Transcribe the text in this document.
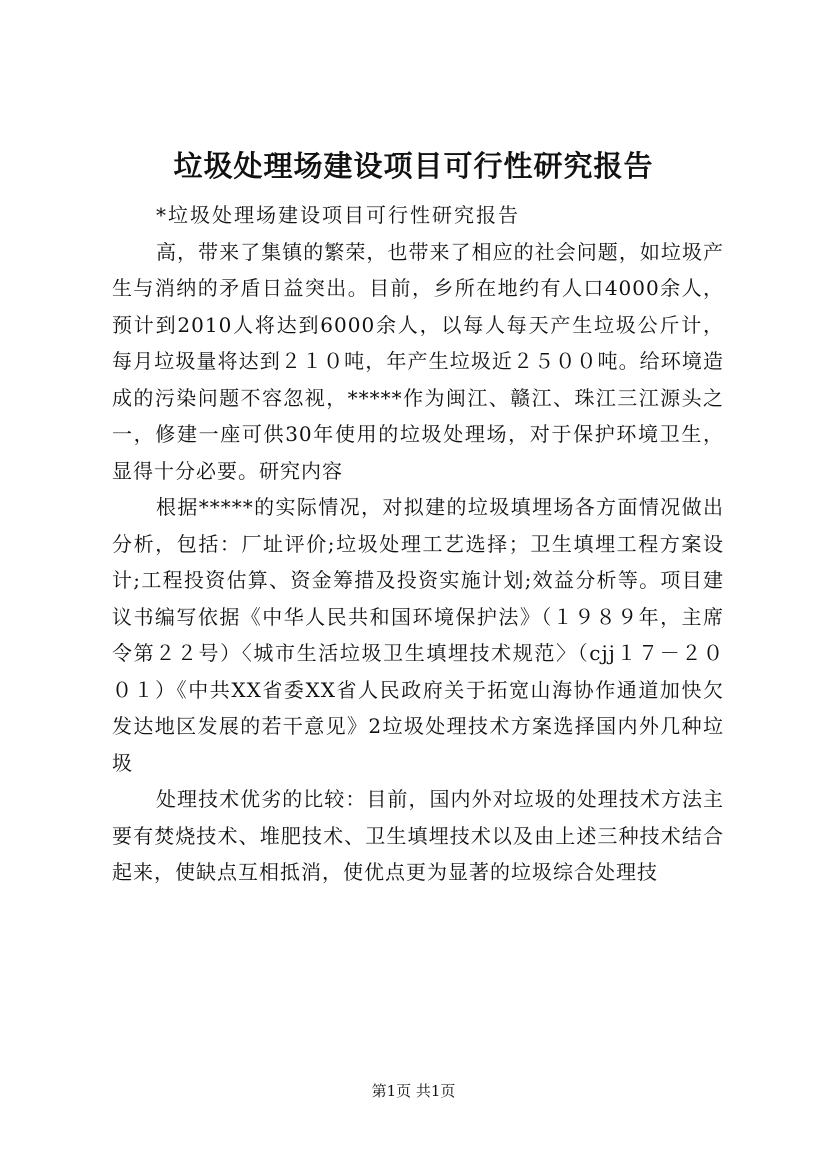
垃圾处理场建设项目可行性研究报告

*垃圾处理场建设项目可行性研究报告

高，带来了集镇的繁荣，也带来了相应的社会问题，如垃圾产生与消纳的矛盾日益突出。目前，乡所在地约有人口4000余人，预计到2010人将达到6000余人，以每人每天产生垃圾公斤计，每月垃圾量将达到２１０吨，年产生垃圾近２５００吨。给环境造成的污染问题不容忽视，*****作为闽江、赣江、珠江三江源头之一，修建一座可供30年使用的垃圾处理场，对于保护环境卫生，显得十分必要。研究内容

根据*****的实际情况，对拟建的垃圾填埋场各方面情况做出分析，包括：厂址评价;垃圾处理工艺选择；卫生填埋工程方案设计;工程投资估算、资金筹措及投资实施计划;效益分析等。项目建议书编写依据《中华人民共和国环境保护法》（１９８９年，主席令第２２号）〈城市生活垃圾卫生填埋技术规范〉（cjj１７－２００１）《中共XX省委XX省人民政府关于拓宽山海协作通道加快欠发达地区发展的若干意见》2垃圾处理技术方案选择国内外几种垃圾

处理技术优劣的比较：目前，国内外对垃圾的处理技术方法主要有焚烧技术、堆肥技术、卫生填埋技术以及由上述三种技术结合起来，使缺点互相抵消，使优点更为显著的垃圾综合处理技

第1页 共1页
